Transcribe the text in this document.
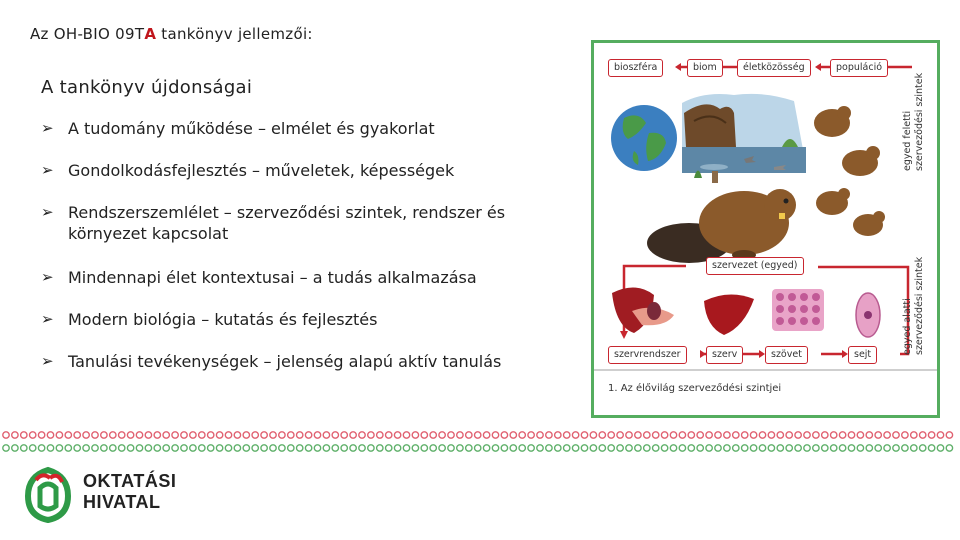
Az OH-BIO 09TA tankönyv jellemzői:
A tankönyv újdonságai
➢ A tudomány működése – elmélet és gyakorlat
➢ Gondolkodásfejlesztés – műveletek, képességek
➢ Rendszerszemlélet – szerveződési szintek, rendszer és
környezet kapcsolat
➢ Mindennapi élet kontextusai – a tudás alkalmazása
➢ Modern biológia – kutatás és fejlesztés
➢ Tanulási tevékenységek – jelenség alapú aktív tanulás
bioszféra	biom	életközösség	populáció
szervezet (egyed)
szervrendszer	szerv	szövet	sejt
egyed feletti szerveződési szintek
egyed alatti szerveződési szintek
1. Az élővilág szerveződési szintjei
OKTATÁSI
HIVATAL
